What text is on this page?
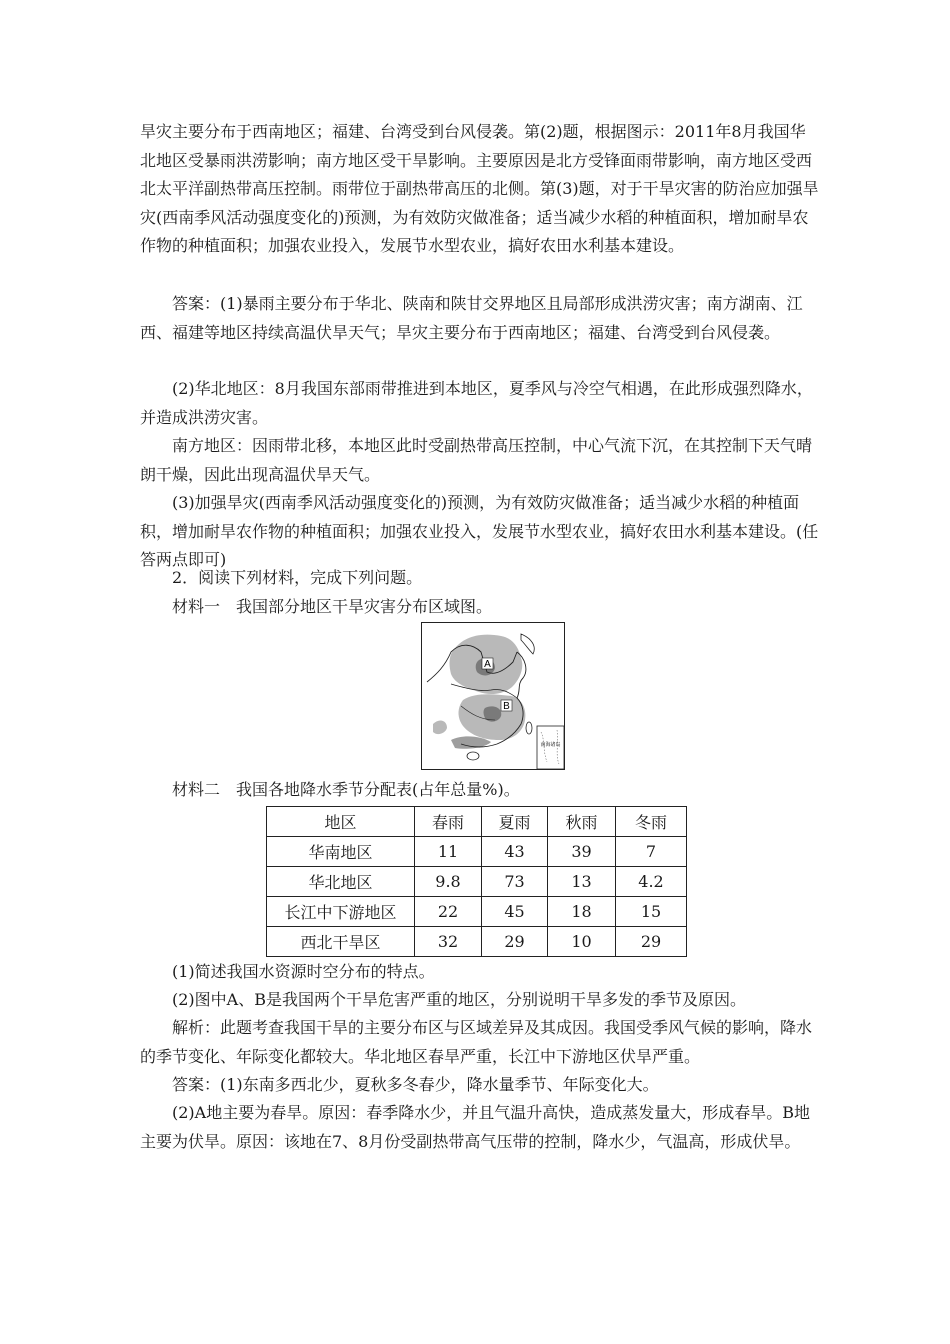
旱灾主要分布于西南地区；福建、台湾受到台风侵袭。第(2)题，根据图示：2011年8月我国华北地区受暴雨洪涝影响；南方地区受干旱影响。主要原因是北方受锋面雨带影响，南方地区受西北太平洋副热带高压控制。雨带位于副热带高压的北侧。第(3)题，对于干旱灾害的防治应加强旱灾(西南季风活动强度变化的)预测，为有效防灾做准备；适当减少水稻的种植面积，增加耐旱农作物的种植面积；加强农业投入，发展节水型农业，搞好农田水利基本建设。

答案：(1)暴雨主要分布于华北、陕南和陕甘交界地区且局部形成洪涝灾害；南方湖南、江西、福建等地区持续高温伏旱天气；旱灾主要分布于西南地区；福建、台湾受到台风侵袭。

(2)华北地区：8月我国东部雨带推进到本地区，夏季风与冷空气相遇，在此形成强烈降水，并造成洪涝灾害。

南方地区：因雨带北移，本地区此时受副热带高压控制，中心气流下沉，在其控制下天气晴朗干燥，因此出现高温伏旱天气。

(3)加强旱灾(西南季风活动强度变化的)预测，为有效防灾做准备；适当减少水稻的种植面积，增加耐旱农作物的种植面积；加强农业投入，发展节水型农业，搞好农田水利基本建设。(任答两点即可)

2．阅读下列材料，完成下列问题。

材料一　我国部分地区干旱灾害分布区域图。

A
B
南海诸岛

材料二　我国各地降水季节分配表(占年总量%)。

地区	春雨	夏雨	秋雨	冬雨
华南地区	11	43	39	7
华北地区	9.8	73	13	4.2
长江中下游地区	22	45	18	15
西北干旱区	32	29	10	29

(1)简述我国水资源时空分布的特点。

(2)图中A、B是我国两个干旱危害严重的地区，分别说明干旱多发的季节及原因。

解析：此题考查我国干旱的主要分布区与区域差异及其成因。我国受季风气候的影响，降水的季节变化、年际变化都较大。华北地区春旱严重，长江中下游地区伏旱严重。

答案：(1)东南多西北少，夏秋多冬春少，降水量季节、年际变化大。

(2)A地主要为春旱。原因：春季降水少，并且气温升高快，造成蒸发量大，形成春旱。B地主要为伏旱。原因：该地在7、8月份受副热带高气压带的控制，降水少，气温高，形成伏旱。
